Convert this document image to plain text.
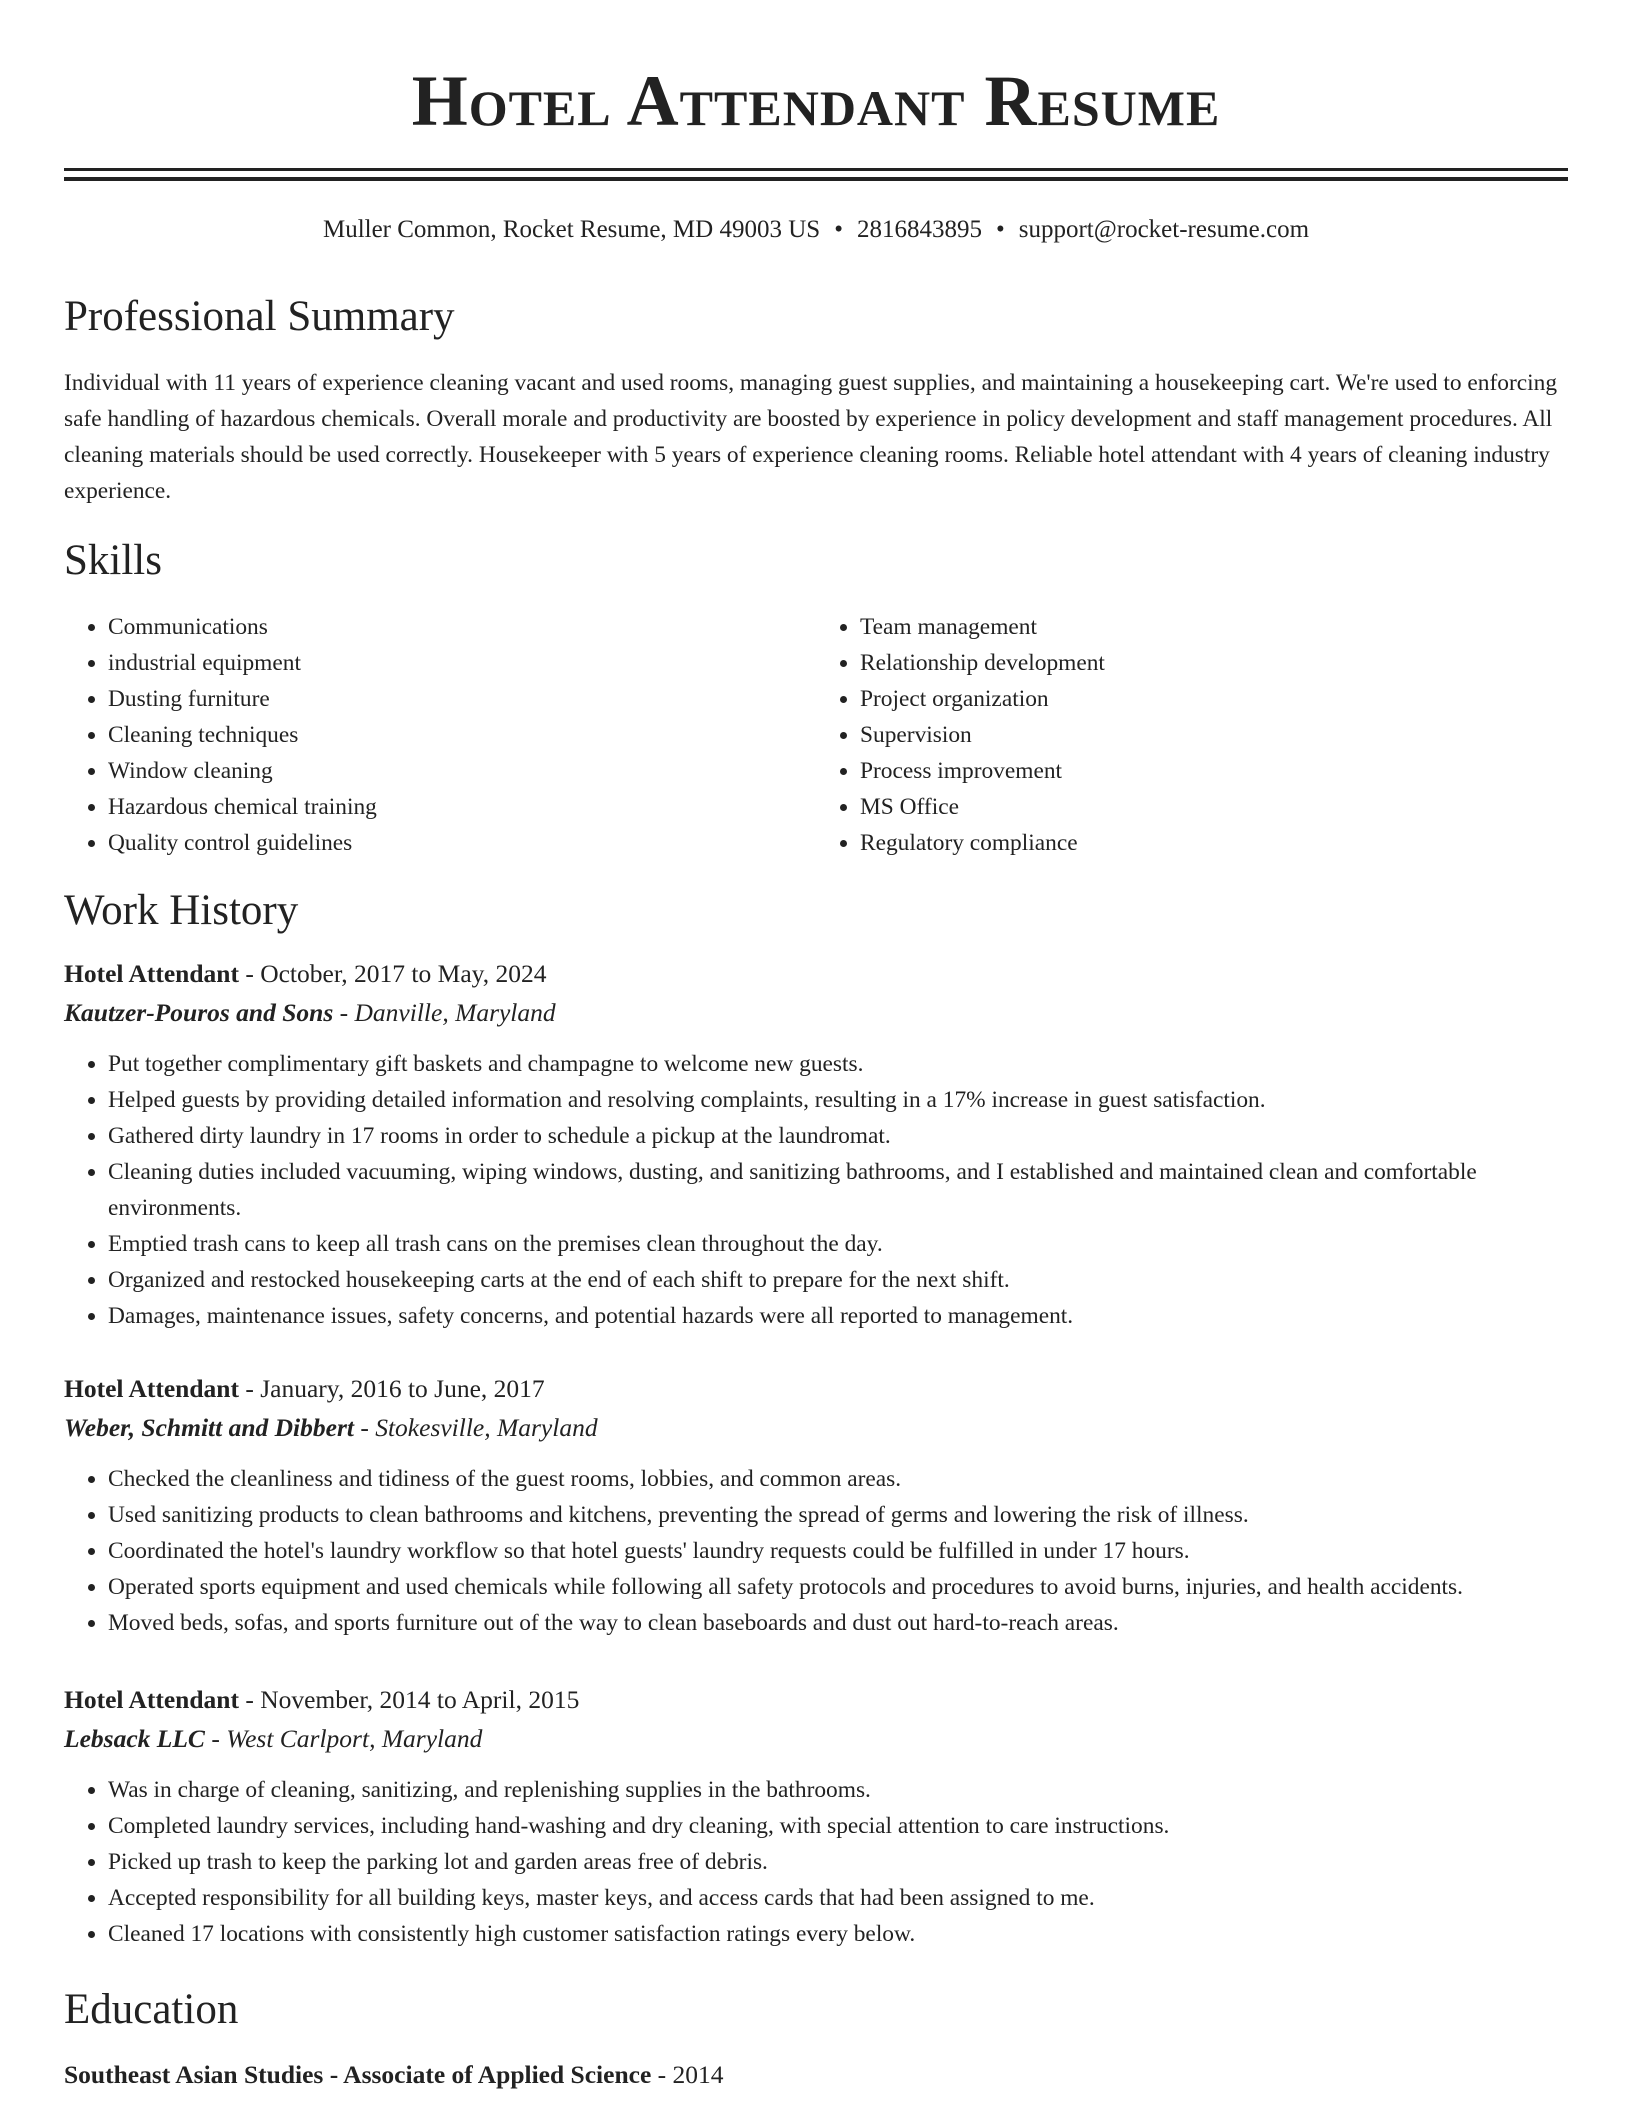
Hotel Attendant Resume
Muller Common, Rocket Resume, MD 49003 US • 2816843895 • support@rocket-resume.com
Professional Summary

Individual with 11 years of experience cleaning vacant and used rooms, managing guest supplies, and maintaining a housekeeping cart. We're used to enforcing safe handling of hazardous chemicals. Overall morale and productivity are boosted by experience in policy development and staff management procedures. All cleaning materials should be used correctly. Housekeeper with 5 years of experience cleaning rooms. Reliable hotel attendant with 4 years of cleaning industry experience.

Skills
• Communications
• industrial equipment
• Dusting furniture
• Cleaning techniques
• Window cleaning
• Hazardous chemical training
• Quality control guidelines
• Team management
• Relationship development
• Project organization
• Supervision
• Process improvement
• MS Office
• Regulatory compliance
Work History
Hotel Attendant - October, 2017 to May, 2024
Kautzer-Pouros and Sons - Danville, Maryland
• Put together complimentary gift baskets and champagne to welcome new guests.
• Helped guests by providing detailed information and resolving complaints, resulting in a 17% increase in guest satisfaction.
• Gathered dirty laundry in 17 rooms in order to schedule a pickup at the laundromat.
• Cleaning duties included vacuuming, wiping windows, dusting, and sanitizing bathrooms, and I established and maintained clean and comfortable environments.
• Emptied trash cans to keep all trash cans on the premises clean throughout the day.
• Organized and restocked housekeeping carts at the end of each shift to prepare for the next shift.
• Damages, maintenance issues, safety concerns, and potential hazards were all reported to management.
Hotel Attendant - January, 2016 to June, 2017
Weber, Schmitt and Dibbert - Stokesville, Maryland
• Checked the cleanliness and tidiness of the guest rooms, lobbies, and common areas.
• Used sanitizing products to clean bathrooms and kitchens, preventing the spread of germs and lowering the risk of illness.
• Coordinated the hotel's laundry workflow so that hotel guests' laundry requests could be fulfilled in under 17 hours.
• Operated sports equipment and used chemicals while following all safety protocols and procedures to avoid burns, injuries, and health accidents.
• Moved beds, sofas, and sports furniture out of the way to clean baseboards and dust out hard-to-reach areas.
Hotel Attendant - November, 2014 to April, 2015
Lebsack LLC - West Carlport, Maryland
• Was in charge of cleaning, sanitizing, and replenishing supplies in the bathrooms.
• Completed laundry services, including hand-washing and dry cleaning, with special attention to care instructions.
• Picked up trash to keep the parking lot and garden areas free of debris.
• Accepted responsibility for all building keys, master keys, and access cards that had been assigned to me.
• Cleaned 17 locations with consistently high customer satisfaction ratings every below.
Education
Southeast Asian Studies - Associate of Applied Science - 2014
